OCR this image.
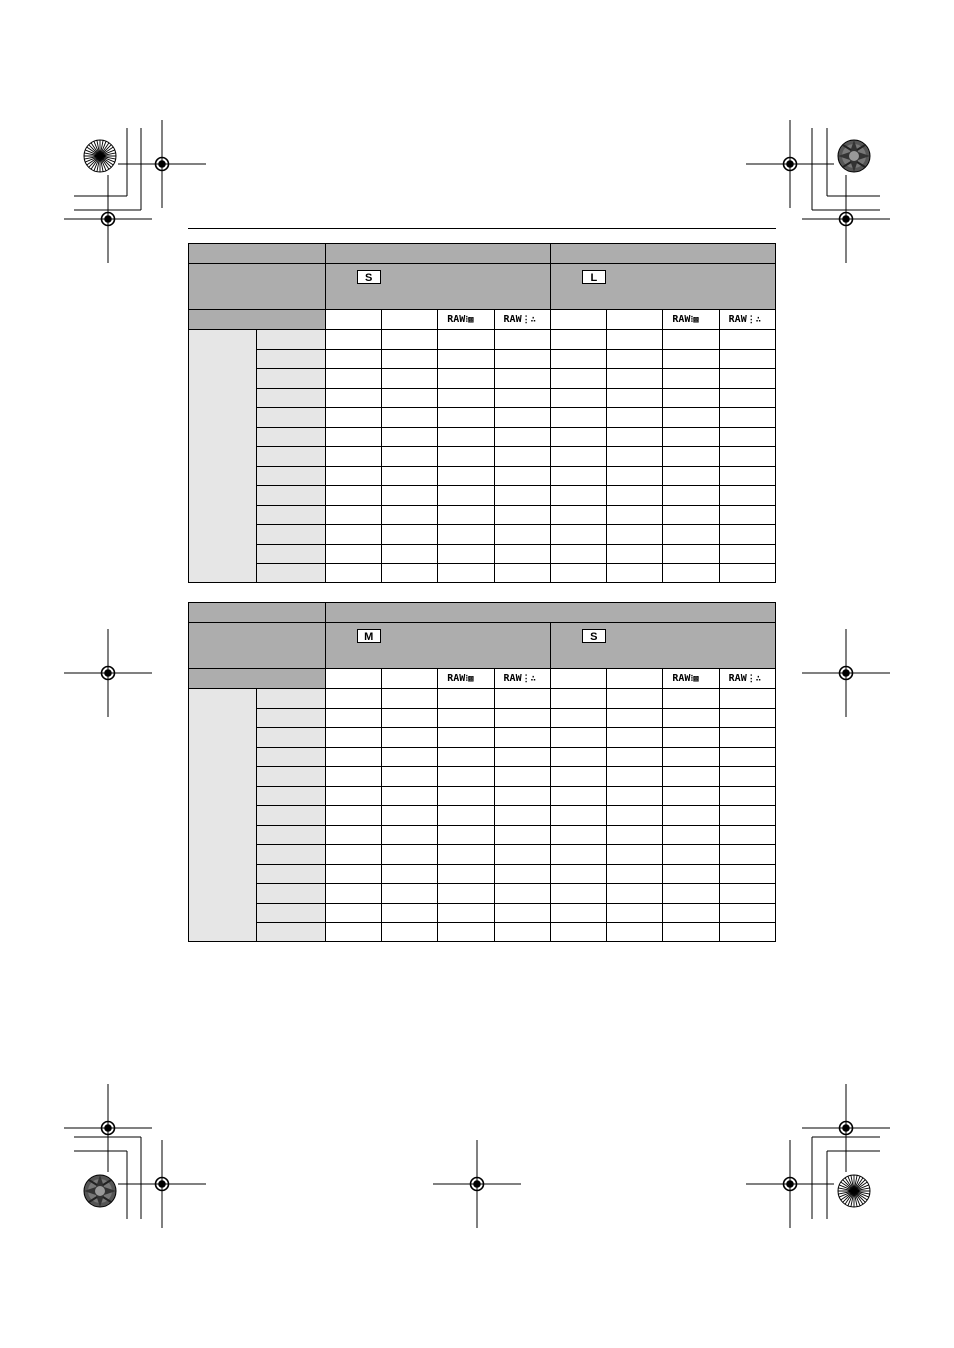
		S				L			

				RAW⁝▩	RAW⋮∴			RAW⁝▩	RAW⋮∴

		M				S			

				RAW⁝▩	RAW⋮∴			RAW⁝▩	RAW⋮∴
